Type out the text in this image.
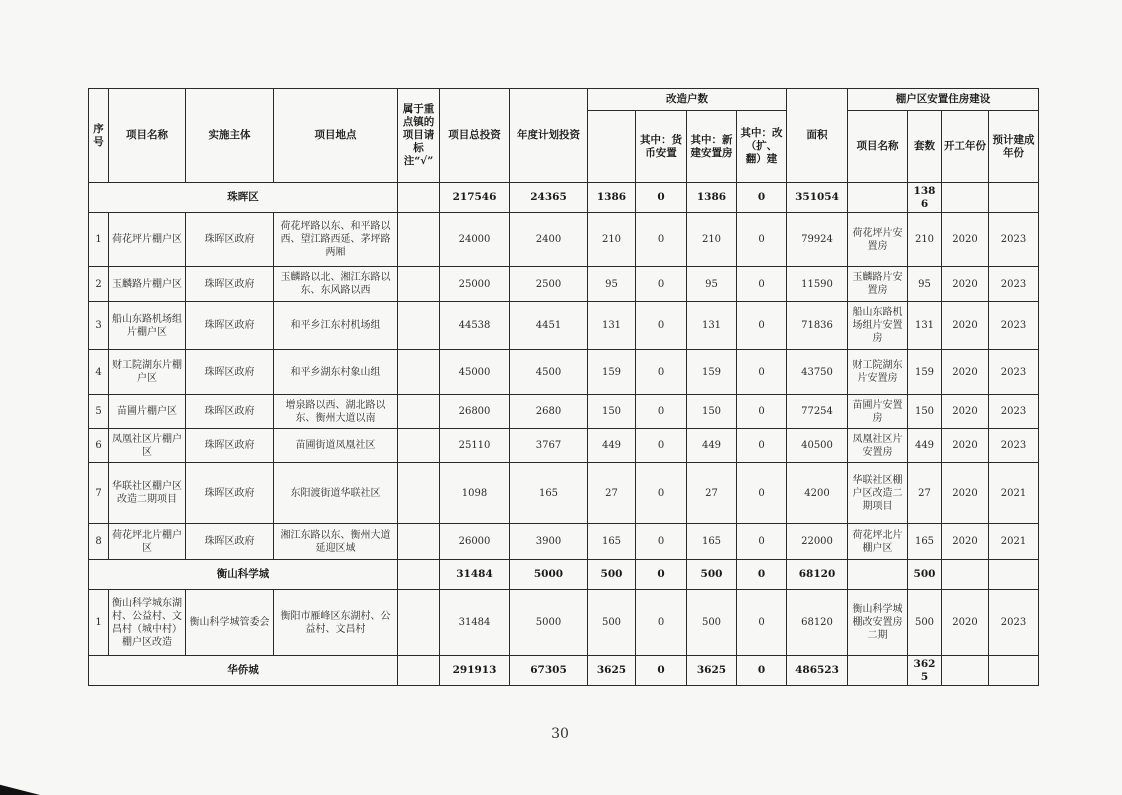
序号	项目名称	实施主体	项目地点	属于重点镇的项目请标注“√”	项目总投资	年度计划投资	改造户数				面积	棚户区安置住房建设			
								其中：货币安置	其中：新建安置房	其中：改（扩、翻）建		项目名称	套数	开工年份	预计建成年份
珠晖区					217546	24365	1386	0	1386	0	351054		1386		
1	荷花坪片棚户区	珠晖区政府	荷花坪路以东、和平路以西、望江路西延、茅坪路两厢		24000	2400	210	0	210	0	79924	荷花坪片安置房	210	2020	2023
2	玉麟路片棚户区	珠晖区政府	玉麟路以北、湘江东路以东、东风路以西		25000	2500	95	0	95	0	11590	玉麟路片安置房	95	2020	2023
3	船山东路机场组片棚户区	珠晖区政府	和平乡江东村机场组		44538	4451	131	0	131	0	71836	船山东路机场组片安置房	131	2020	2023
4	财工院湖东片棚户区	珠晖区政府	和平乡湖东村象山组		45000	4500	159	0	159	0	43750	财工院湖东片安置房	159	2020	2023
5	苗圃片棚户区	珠晖区政府	增泉路以西、湖北路以东、衡州大道以南		26800	2680	150	0	150	0	77254	苗圃片安置房	150	2020	2023
6	凤凰社区片棚户区	珠晖区政府	苗圃街道凤凰社区		25110	3767	449	0	449	0	40500	凤凰社区片安置房	449	2020	2023
7	华联社区棚户区改造二期项目	珠晖区政府	东阳渡街道华联社区		1098	165	27	0	27	0	4200	华联社区棚户区改造二期项目	27	2020	2021
8	荷花坪北片棚户区	珠晖区政府	湘江东路以东、衡州大道延迎区域		26000	3900	165	0	165	0	22000	荷花坪北片棚户区	165	2020	2021
衡山科学城					31484	5000	500	0	500	0	68120		500		
1	衡山科学城东湖村、公益村、文昌村（城中村）棚户区改造	衡山科学城管委会	衡阳市雁峰区东湖村、公益村、文昌村		31484	5000	500	0	500	0	68120	衡山科学城棚改安置房二期	500	2020	2023
华侨城					291913	67305	3625	0	3625	0	486523		3625		
30
